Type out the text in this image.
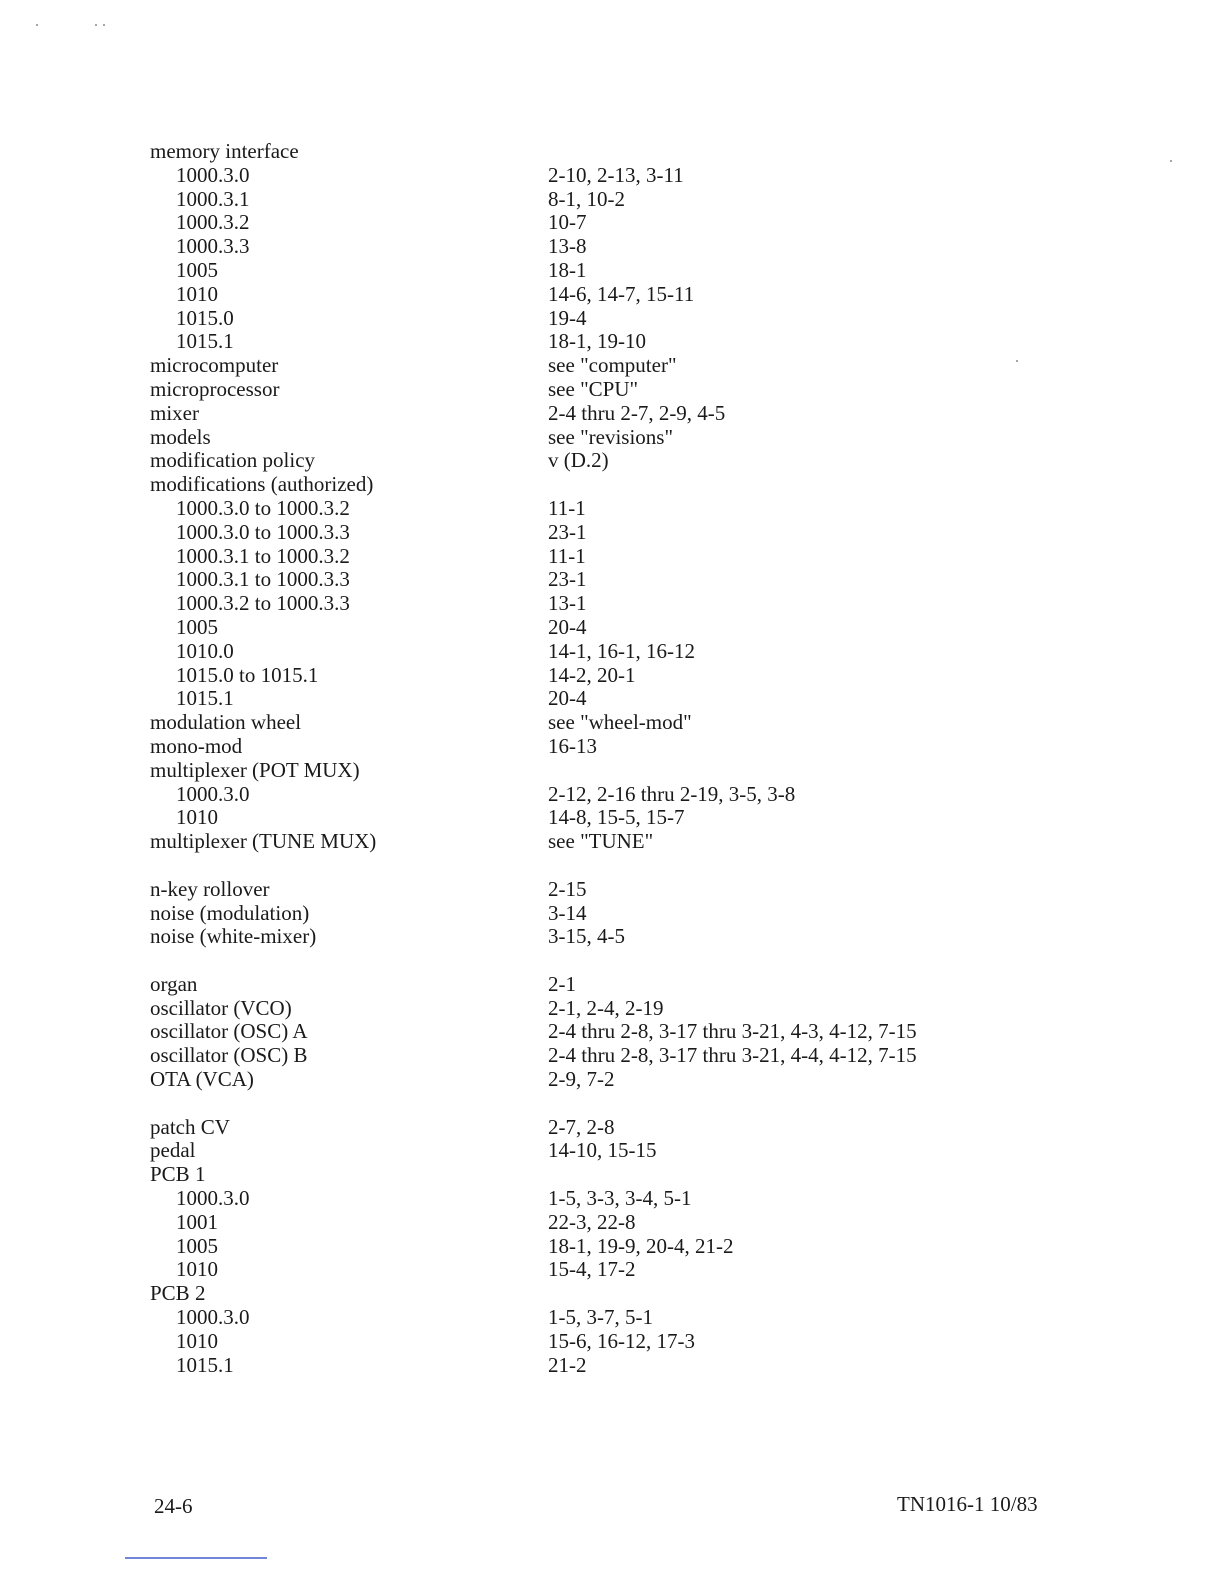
memory interface
1000.3.0	2-10, 2-13, 3-11
1000.3.1	8-1, 10-2
1000.3.2	10-7
1000.3.3	13-8
1005	18-1
1010	14-6, 14-7, 15-11
1015.0	19-4
1015.1	18-1, 19-10
microcomputer	see "computer"
microprocessor	see "CPU"
mixer	2-4 thru 2-7, 2-9, 4-5
models	see "revisions"
modification policy	v (D.2)
modifications (authorized)
1000.3.0 to 1000.3.2	11-1
1000.3.0 to 1000.3.3	23-1
1000.3.1 to 1000.3.2	11-1
1000.3.1 to 1000.3.3	23-1
1000.3.2 to 1000.3.3	13-1
1005	20-4
1010.0	14-1, 16-1, 16-12
1015.0 to 1015.1	14-2, 20-1
1015.1	20-4
modulation wheel	see "wheel-mod"
mono-mod	16-13
multiplexer (POT MUX)
1000.3.0	2-12, 2-16 thru 2-19, 3-5, 3-8
1010	14-8, 15-5, 15-7
multiplexer (TUNE MUX)	see "TUNE"
n-key rollover	2-15
noise (modulation)	3-14
noise (white-mixer)	3-15, 4-5
organ	2-1
oscillator (VCO)	2-1, 2-4, 2-19
oscillator (OSC) A	2-4 thru 2-8, 3-17 thru 3-21, 4-3, 4-12, 7-15
oscillator (OSC) B	2-4 thru 2-8, 3-17 thru 3-21, 4-4, 4-12, 7-15
OTA (VCA)	2-9, 7-2
patch CV	2-7, 2-8
pedal	14-10, 15-15
PCB 1
1000.3.0	1-5, 3-3, 3-4, 5-1
1001	22-3, 22-8
1005	18-1, 19-9, 20-4, 21-2
1010	15-4, 17-2
PCB 2
1000.3.0	1-5, 3-7, 5-1
1010	15-6, 16-12, 17-3
1015.1	21-2
24-6	TN1016-1 10/83
